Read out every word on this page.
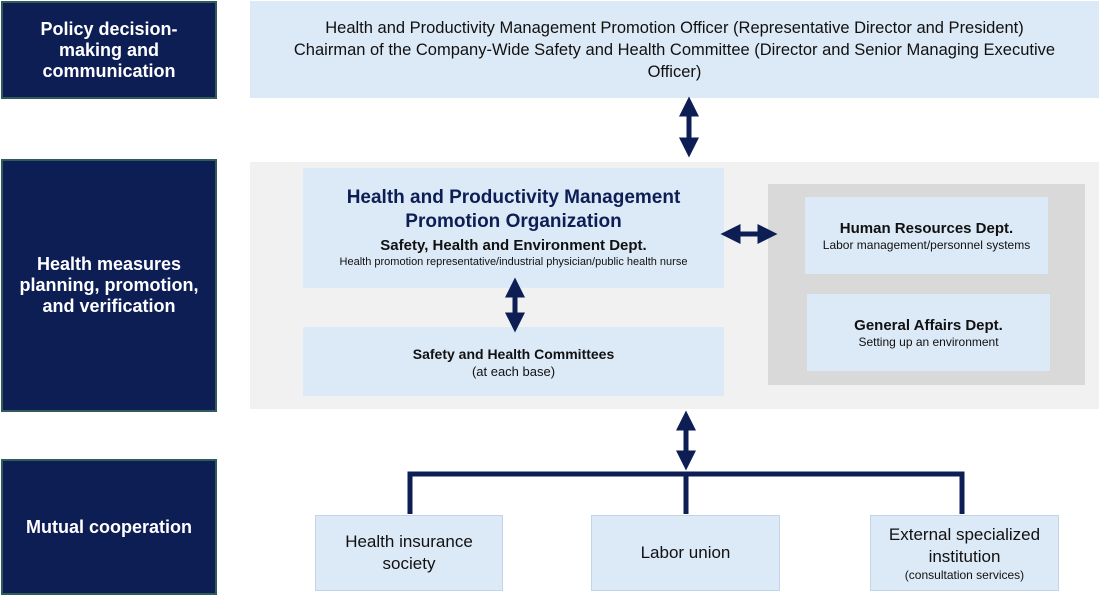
Policy decision-making and communication
Health measures planning, promotion, and verification
Mutual cooperation
Health and Productivity Management Promotion Officer (Representative Director and President)
Chairman of the Company-Wide Safety and Health Committee (Director and Senior Managing Executive Officer)
Health and Productivity Management Promotion Organization
Safety, Health and Environment Dept.
Health promotion representative/industrial physician/public health nurse
Safety and Health Committees
(at each base)
Human Resources Dept.
Labor management/personnel systems
General Affairs Dept.
Setting up an environment
Health insurance society
Labor union
External specialized institution
(consultation services)
